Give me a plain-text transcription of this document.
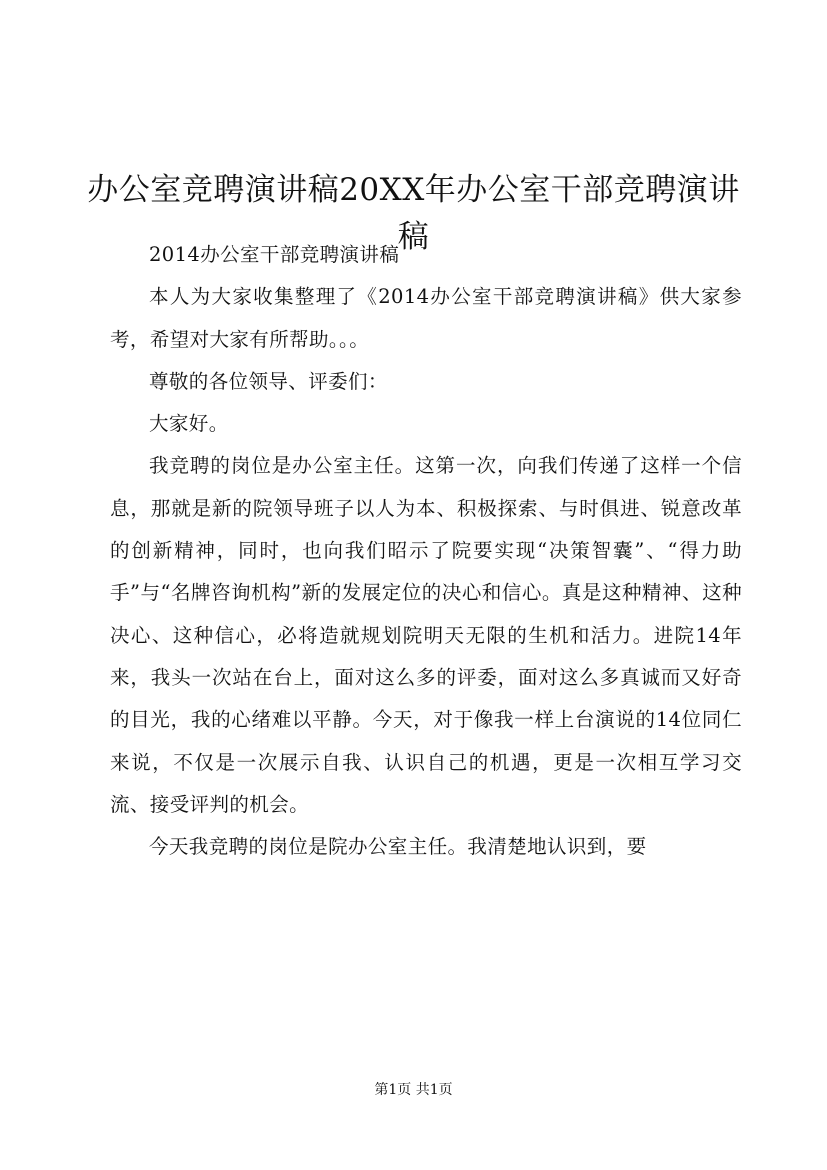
办公室竞聘演讲稿20XX年办公室干部竞聘演讲稿

2014办公室干部竞聘演讲稿

本人为大家收集整理了《2014办公室干部竞聘演讲稿》供大家参考，希望对大家有所帮助。。。

尊敬的各位领导、评委们：

大家好。

我竞聘的岗位是办公室主任。这第一次，向我们传递了这样一个信息，那就是新的院领导班子以人为本、积极探索、与时俱进、锐意改革的创新精神，同时，也向我们昭示了院要实现“决策智囊”、“得力助手”与“名牌咨询机构”新的发展定位的决心和信心。真是这种精神、这种决心、这种信心，必将造就规划院明天无限的生机和活力。进院14年来，我头一次站在台上，面对这么多的评委，面对这么多真诚而又好奇的目光，我的心绪难以平静。今天，对于像我一样上台演说的14位同仁来说，不仅是一次展示自我、认识自己的机遇，更是一次相互学习交流、接受评判的机会。

今天我竞聘的岗位是院办公室主任。我清楚地认识到，要

第1页 共1页
